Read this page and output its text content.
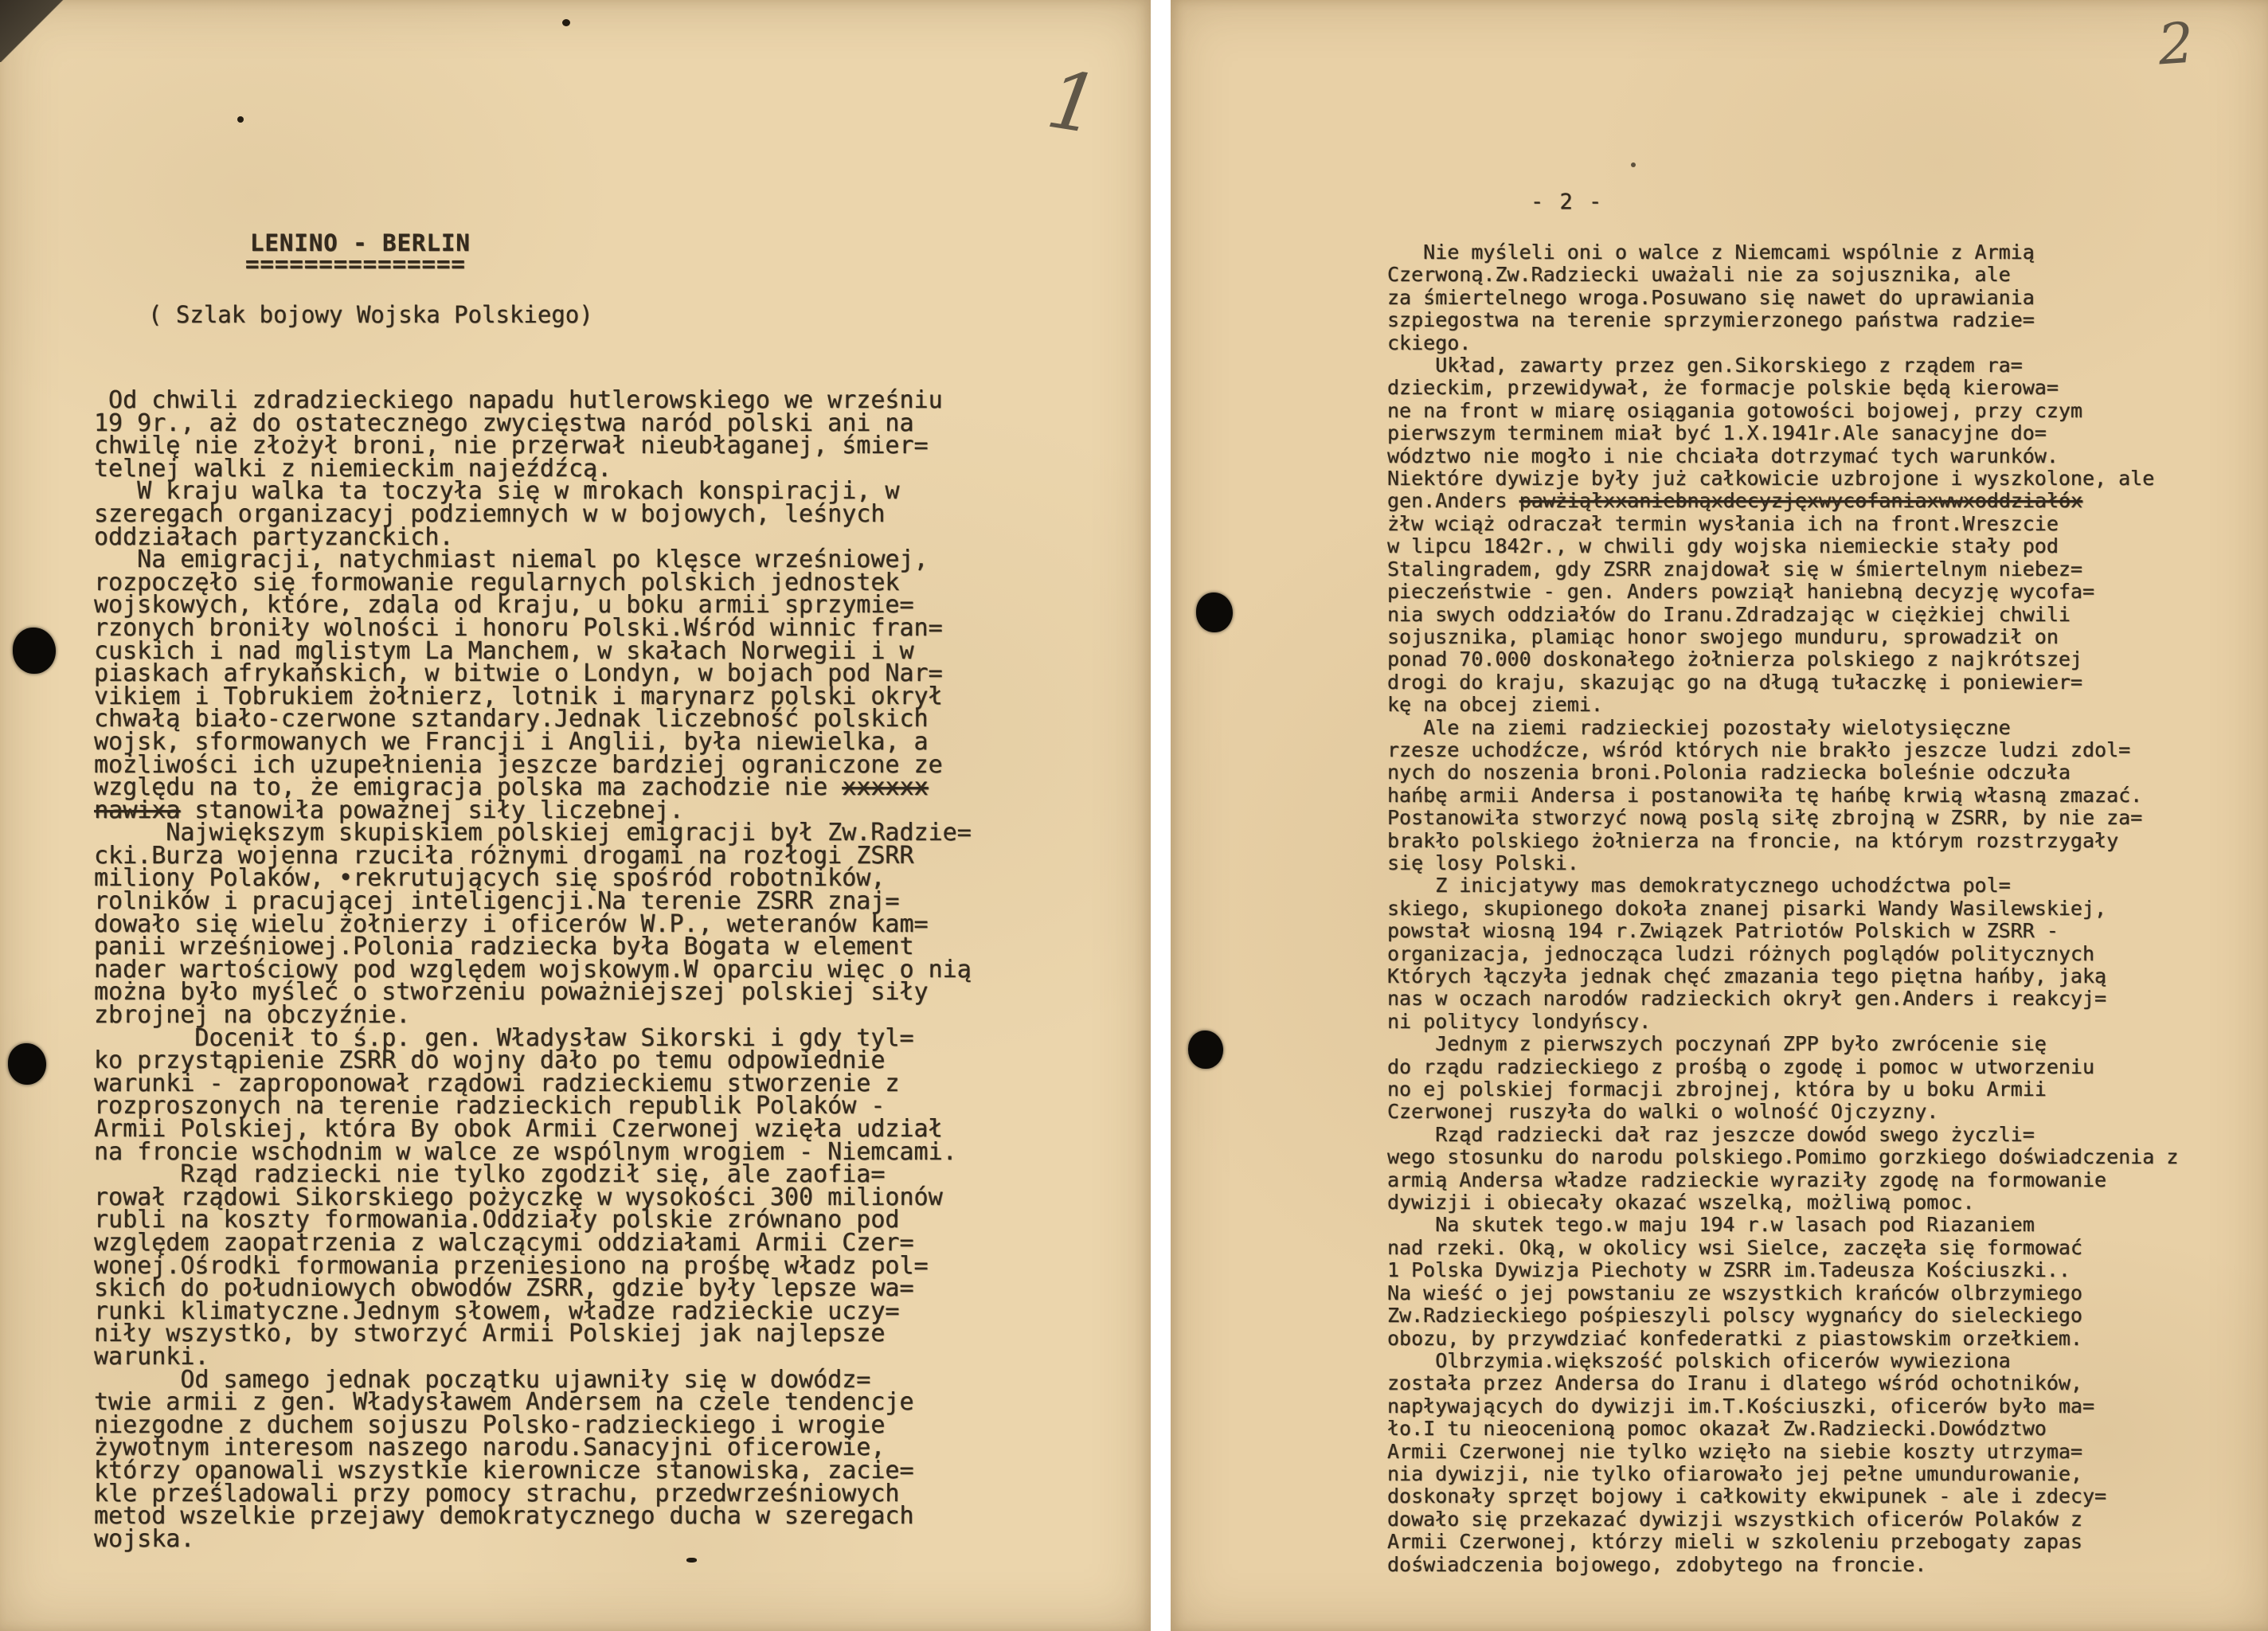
1
LENINO - BERLIN
===============
( Szlak bojowy Wojska Polskiego)
Od chwili zdradzieckiego napadu hutlerowskiego we wrześniu
19 9r., aż do ostatecznego zwycięstwa naród polski ani na
chwilę nie złożył broni, nie przerwał nieubłaganej, śmier=
telnej walki z niemieckim najeźdźcą.
W kraju walka ta toczyła się w mrokach konspiracji, w
szeregach organizacyj podziemnych w w bojowych, leśnych
oddziałach partyzanckich.
Na emigracji, natychmiast niemal po klęsce wrześniowej,
rozpoczęło się formowanie regularnych polskich jednostek
wojskowych, które, zdala od kraju, u boku armii sprzymie=
rzonych broniły wolności i honoru Polski.Wśród winnic fran=
cuskich i nad mglistym La Manchem, w skałach Norwegii i w
piaskach afrykańskich, w bitwie o Londyn, w bojach pod Nar=
vikiem i Tobrukiem żołnierz, lotnik i marynarz polski okrył
chwałą biało-czerwone sztandary.Jednak liczebność polskich
wojsk, sformowanych we Francji i Anglii, była niewielka, a
możliwości ich uzupełnienia jeszcze bardziej ograniczone ze
względu na to, że emigracja polska ma zachodzie nie xxxxxx
nawixa stanowiła poważnej siły liczebnej.
Największym skupiskiem polskiej emigracji był Zw.Radzie=
cki.Burza wojenna rzuciła różnymi drogami na rozłogi ZSRR
miliony Polaków, •rekrutujących się spośród robotników,
rolników i pracującej inteligencji.Na terenie ZSRR znaj=
dowało się wielu żołnierzy i oficerów W.P., weteranów kam=
panii wrześniowej.Polonia radziecka była Bogata w element
nader wartościowy pod względem wojskowym.W oparciu więc o nią
można było myśleć o stworzeniu poważniejszej polskiej siły
zbrojnej na obczyźnie.
Docenił to ś.p. gen. Władysław Sikorski i gdy tyl=
ko przystąpienie ZSRR do wojny dało po temu odpowiednie
warunki - zaproponował rządowi radzieckiemu stworzenie z
rozproszonych na terenie radzieckich republik Polaków -
Armii Polskiej, która By obok Armii Czerwonej wzięła udział
na froncie wschodnim w walce ze wspólnym wrogiem - Niemcami.
Rząd radziecki nie tylko zgodził się, ale zaofia=
rował rządowi Sikorskiego pożyczkę w wysokości 300 milionów
rubli na koszty formowania.Oddziały polskie zrównano pod
względem zaopatrzenia z walczącymi oddziałami Armii Czer=
wonej.Ośrodki formowania przeniesiono na prośbę władz pol=
skich do południowych obwodów ZSRR, gdzie były lepsze wa=
runki klimatyczne.Jednym słowem, władze radzieckie uczy=
niły wszystko, by stworzyć Armii Polskiej jak najlepsze
warunki.
Od samego jednak początku ujawniły się w dowódz=
twie armii z gen. Władysławem Andersem na czele tendencje
niezgodne z duchem sojuszu Polsko-radzieckiego i wrogie
żywotnym interesom naszego narodu.Sanacyjni oficerowie,
którzy opanowali wszystkie kierownicze stanowiska, zacie=
kle prześladowali przy pomocy strachu, przedwrześniowych
metod wszelkie przejawy demokratycznego ducha w szeregach
wojska.
2
- 2 -
Nie myśleli oni o walce z Niemcami wspólnie z Armią
Czerwoną.Zw.Radziecki uważali nie za sojusznika, ale
za śmiertelnego wroga.Posuwano się nawet do uprawiania
szpiegostwa na terenie sprzymierzonego państwa radzie=
ckiego.
Układ, zawarty przez gen.Sikorskiego z rządem ra=
dzieckim, przewidywał, że formacje polskie będą kierowa=
ne na front w miarę osiągania gotowości bojowej, przy czym
pierwszym terminem miał być 1.X.1941r.Ale sanacyjne do=
wództwo nie mogło i nie chciała dotrzymać tych warunków.
Niektóre dywizje były już całkowicie uzbrojone i wyszkolone, ale
gen.Anders pawżiąłxxaniebnąxdecyzjęxwycofaniaxwwxoddziałóx
żłw wciąż odraczał termin wysłania ich na front.Wreszcie
w lipcu 1842r., w chwili gdy wojska niemieckie stały pod
Stalingradem, gdy ZSRR znajdował się w śmiertelnym niebez=
pieczeństwie - gen. Anders powziął haniebną decyzję wycofa=
nia swych oddziałów do Iranu.Zdradzając w ciężkiej chwili
sojusznika, plamiąc honor swojego munduru, sprowadził on
ponad 70.000 doskonałego żołnierza polskiego z najkrótszej
drogi do kraju, skazując go na długą tułaczkę i poniewier=
kę na obcej ziemi.
Ale na ziemi radzieckiej pozostały wielotysięczne
rzesze uchodźcze, wśród których nie brakło jeszcze ludzi zdol=
nych do noszenia broni.Polonia radziecka boleśnie odczuła
hańbę armii Andersa i postanowiła tę hańbę krwią własną zmazać.
Postanowiła stworzyć nową poslą siłę zbrojną w ZSRR, by nie za=
brakło polskiego żołnierza na froncie, na którym rozstrzygały
się losy Polski.
Z inicjatywy mas demokratycznego uchodźctwa pol=
skiego, skupionego dokoła znanej pisarki Wandy Wasilewskiej,
powstał wiosną 194 r.Związek Patriotów Polskich w ZSRR -
organizacja, jednocząca ludzi różnych poglądów politycznych
Których łączyła jednak chęć zmazania tego piętna hańby, jaką
nas w oczach narodów radzieckich okrył gen.Anders i reakcyj=
ni politycy londyńscy.
Jednym z pierwszych poczynań ZPP było zwrócenie się
do rządu radzieckiego z prośbą o zgodę i pomoc w utworzeniu
no ej polskiej formacji zbrojnej, która by u boku Armii
Czerwonej ruszyła do walki o wolność Ojczyzny.
Rząd radziecki dał raz jeszcze dowód swego życzli=
wego stosunku do narodu polskiego.Pomimo gorzkiego doświadczenia z
armią Andersa władze radzieckie wyraziły zgodę na formowanie
dywizji i obiecały okazać wszelką, możliwą pomoc.
Na skutek tego.w maju 194 r.w lasach pod Riazaniem
nad rzeki. Oką, w okolicy wsi Sielce, zaczęła się formować
1 Polska Dywizja Piechoty w ZSRR im.Tadeusza Kościuszki..
Na wieść o jej powstaniu ze wszystkich krańców olbrzymiego
Zw.Radzieckiego pośpieszyli polscy wygnańcy do sieleckiego
obozu, by przywdziać konfederatki z piastowskim orzełkiem.
Olbrzymia.większość polskich oficerów wywieziona
została przez Andersa do Iranu i dlatego wśród ochotników,
napływających do dywizji im.T.Kościuszki, oficerów było ma=
ło.I tu nieocenioną pomoc okazał Zw.Radziecki.Dowództwo
Armii Czerwonej nie tylko wzięło na siebie koszty utrzyma=
nia dywizji, nie tylko ofiarowało jej pełne umundurowanie,
doskonały sprzęt bojowy i całkowity ekwipunek - ale i zdecy=
dowało się przekazać dywizji wszystkich oficerów Polaków z
Armii Czerwonej, którzy mieli w szkoleniu przebogaty zapas
doświadczenia bojowego, zdobytego na froncie.
